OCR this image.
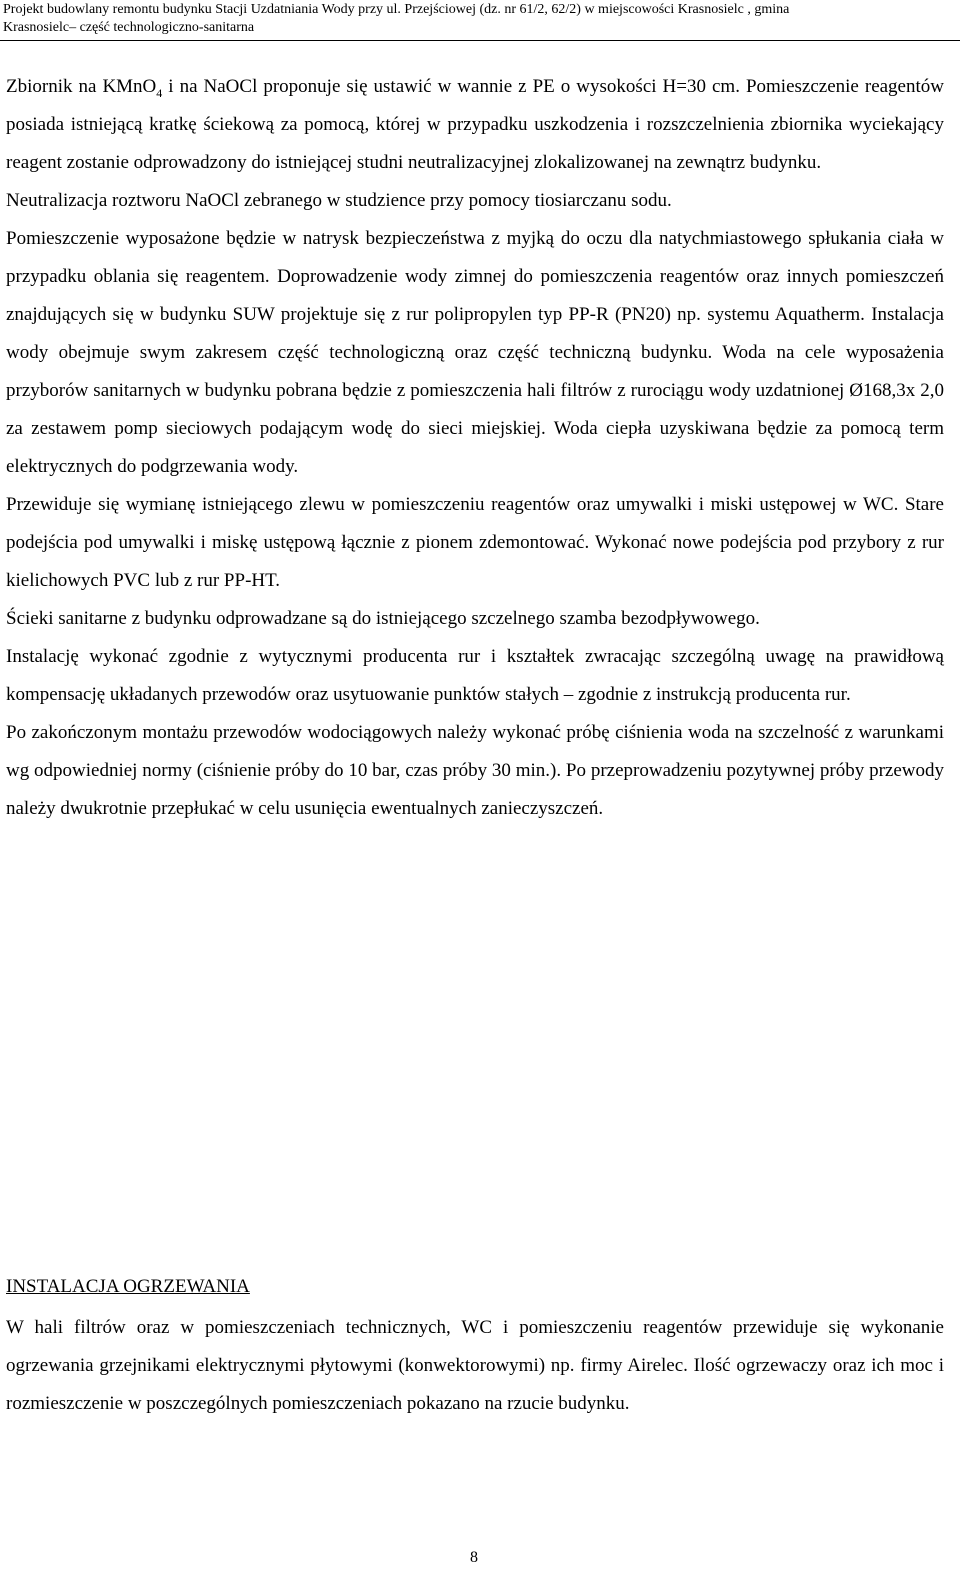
Projekt budowlany remontu budynku Stacji Uzdatniania Wody przy ul. Przejściowej (dz. nr 61/2, 62/2) w miejscowości Krasnosielc , gmina
Krasnosielc– część technologiczno-sanitarna

Zbiornik na KMnO$_4$ i na NaOCl proponuje się ustawić w wannie z PE o wysokości H=30 cm. Pomieszczenie reagentów posiada istniejącą kratkę ściekową za pomocą, której w przypadku uszkodzenia i rozszczelnienia zbiornika wyciekający reagent zostanie odprowadzony do istniejącej studni neutralizacyjnej zlokalizowanej na zewnątrz budynku.

Neutralizacja roztworu NaOCl zebranego w studzience przy pomocy tiosiarczanu sodu.

Pomieszczenie wyposażone będzie w natrysk bezpieczeństwa z myjką do oczu dla natychmiastowego spłukania ciała w przypadku oblania się reagentem. Doprowadzenie wody zimnej do pomieszczenia reagentów oraz innych pomieszczeń znajdujących się w budynku SUW projektuje się z rur polipropylen typ PP-R (PN20) np. systemu Aquatherm. Instalacja wody obejmuje swym zakresem część technologiczną oraz część techniczną budynku. Woda na cele wyposażenia przyborów sanitarnych w budynku pobrana będzie z pomieszczenia hali filtrów z rurociągu wody uzdatnionej Ø168,3x 2,0 za zestawem pomp sieciowych podającym wodę do sieci miejskiej. Woda ciepła uzyskiwana będzie za pomocą term elektrycznych do podgrzewania wody.

Przewiduje się wymianę istniejącego zlewu w pomieszczeniu reagentów oraz umywalki i miski ustępowej w WC. Stare podejścia pod umywalki i miskę ustępową łącznie z pionem zdemontować. Wykonać nowe podejścia pod przybory z rur kielichowych PVC lub z rur PP-HT.

Ścieki sanitarne z budynku odprowadzane są do istniejącego szczelnego szamba bezodpływowego.

Instalację wykonać zgodnie z wytycznymi producenta rur i kształtek zwracając szczególną uwagę na prawidłową kompensację układanych przewodów oraz usytuowanie punktów stałych – zgodnie z instrukcją producenta rur.

Po zakończonym montażu przewodów wodociągowych należy wykonać próbę ciśnienia woda na szczelność z warunkami wg odpowiedniej normy (ciśnienie próby do 10 bar, czas próby 30 min.). Po przeprowadzeniu pozytywnej próby przewody należy dwukrotnie przepłukać w celu usunięcia ewentualnych zanieczyszczeń.

INSTALACJA OGRZEWANIA

W hali filtrów oraz w pomieszczeniach technicznych, WC i pomieszczeniu reagentów przewiduje się wykonanie ogrzewania grzejnikami elektrycznymi płytowymi (konwektorowymi) np. firmy Airelec. Ilość ogrzewaczy oraz ich moc i rozmieszczenie w poszczególnych pomieszczeniach pokazano na rzucie budynku.

8
